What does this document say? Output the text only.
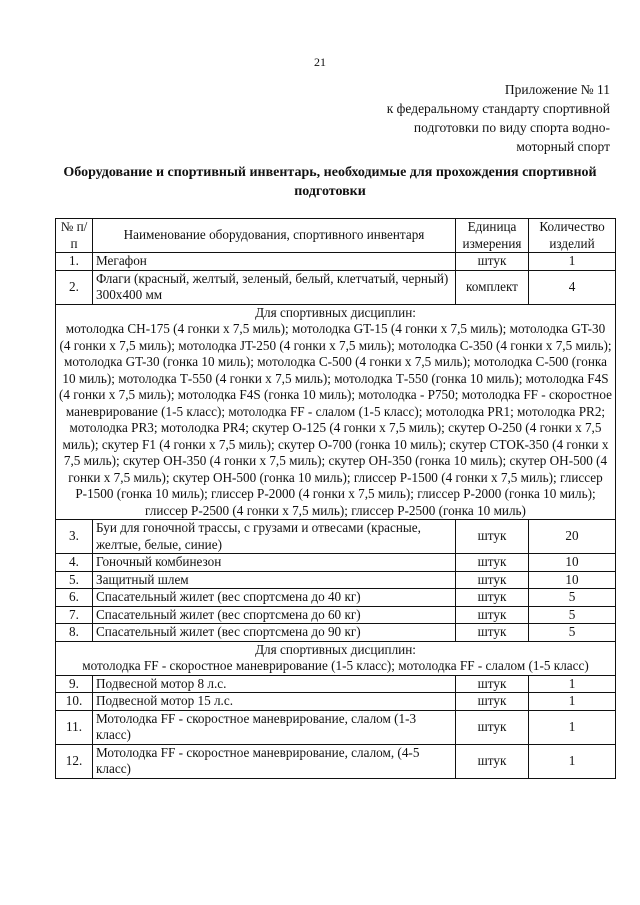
21
Приложение № 11
к федеральному стандарту спортивной
подготовки по виду спорта водно-
моторный спорт
Оборудование и спортивный инвентарь, необходимые для прохождения спортивной подготовки
№ п/п	Наименование оборудования, спортивного инвентаря	Единица измерения	Количество изделий
1.	Мегафон	штук	1
2.	Флаги (красный, желтый, зеленый, белый, клетчатый, черный) 300х400 мм	комплект	4

Для спортивных дисциплин:
мотолодка СН-175 (4 гонки х 7,5 миль); мотолодка GT-15 (4 гонки х 7,5 миль); мотолодка GT-30 (4 гонки х 7,5 миль); мотолодка JT-250 (4 гонки х 7,5 миль); мотолодка С-350 (4 гонки х 7,5 миль); мотолодка GT-30 (гонка 10 миль); мотолодка С-500 (4 гонки х 7,5 миль); мотолодка С-500 (гонка 10 миль); мотолодка Т-550 (4 гонки х 7,5 миль); мотолодка Т-550 (гонка 10 миль); мотолодка F4S (4 гонки х 7,5 миль); мотолодка F4S (гонка 10 миль); мотолодка - Р750; мотолодка FF - скоростное маневрирование (1-5 класс); мотолодка FF - слалом (1-5 класс); мотолодка PR1; мотолодка PR2; мотолодка PR3; мотолодка PR4; скутер О-125 (4 гонки х 7,5 миль); скутер О-250 (4 гонки х 7,5 миль); скутер F1 (4 гонки х 7,5 миль); скутер О-700 (гонка 10 миль); скутер СТОК-350 (4 гонки х 7,5 миль); скутер ОН-350 (4 гонки х 7,5 миль); скутер ОН-350 (гонка 10 миль); скутер ОН-500 (4 гонки х 7,5 миль); скутер ОН-500 (гонка 10 миль); глиссер Р-1500 (4 гонки х 7,5 миль); глиссер Р-1500 (гонка 10 миль); глиссер Р-2000 (4 гонки х 7,5 миль); глиссер Р-2000 (гонка 10 миль); глиссер Р-2500 (4 гонки х 7,5 миль); глиссер Р-2500 (гонка 10 миль)			
3.	Буи для гоночной трассы, с грузами и отвесами (красные, желтые, белые, синие)	штук	20
4.	Гоночный комбинезон	штук	10
5.	Защитный шлем	штук	10
6.	Спасательный жилет (вес спортсмена до 40 кг)	штук	5
7.	Спасательный жилет (вес спортсмена до 60 кг)	штук	5
8.	Спасательный жилет (вес спортсмена до 90 кг)	штук	5

Для спортивных дисциплин:
мотолодка FF - скоростное маневрирование (1-5 класс); мотолодка FF - слалом (1-5 класс)			
9.	Подвесной мотор 8 л.с.	штук	1
10.	Подвесной мотор 15 л.с.	штук	1
11.	Мотолодка FF - скоростное маневрирование, слалом (1-3 класс)	штук	1
12.	Мотолодка FF - скоростное маневрирование, слалом, (4-5 класс)	штук	1
